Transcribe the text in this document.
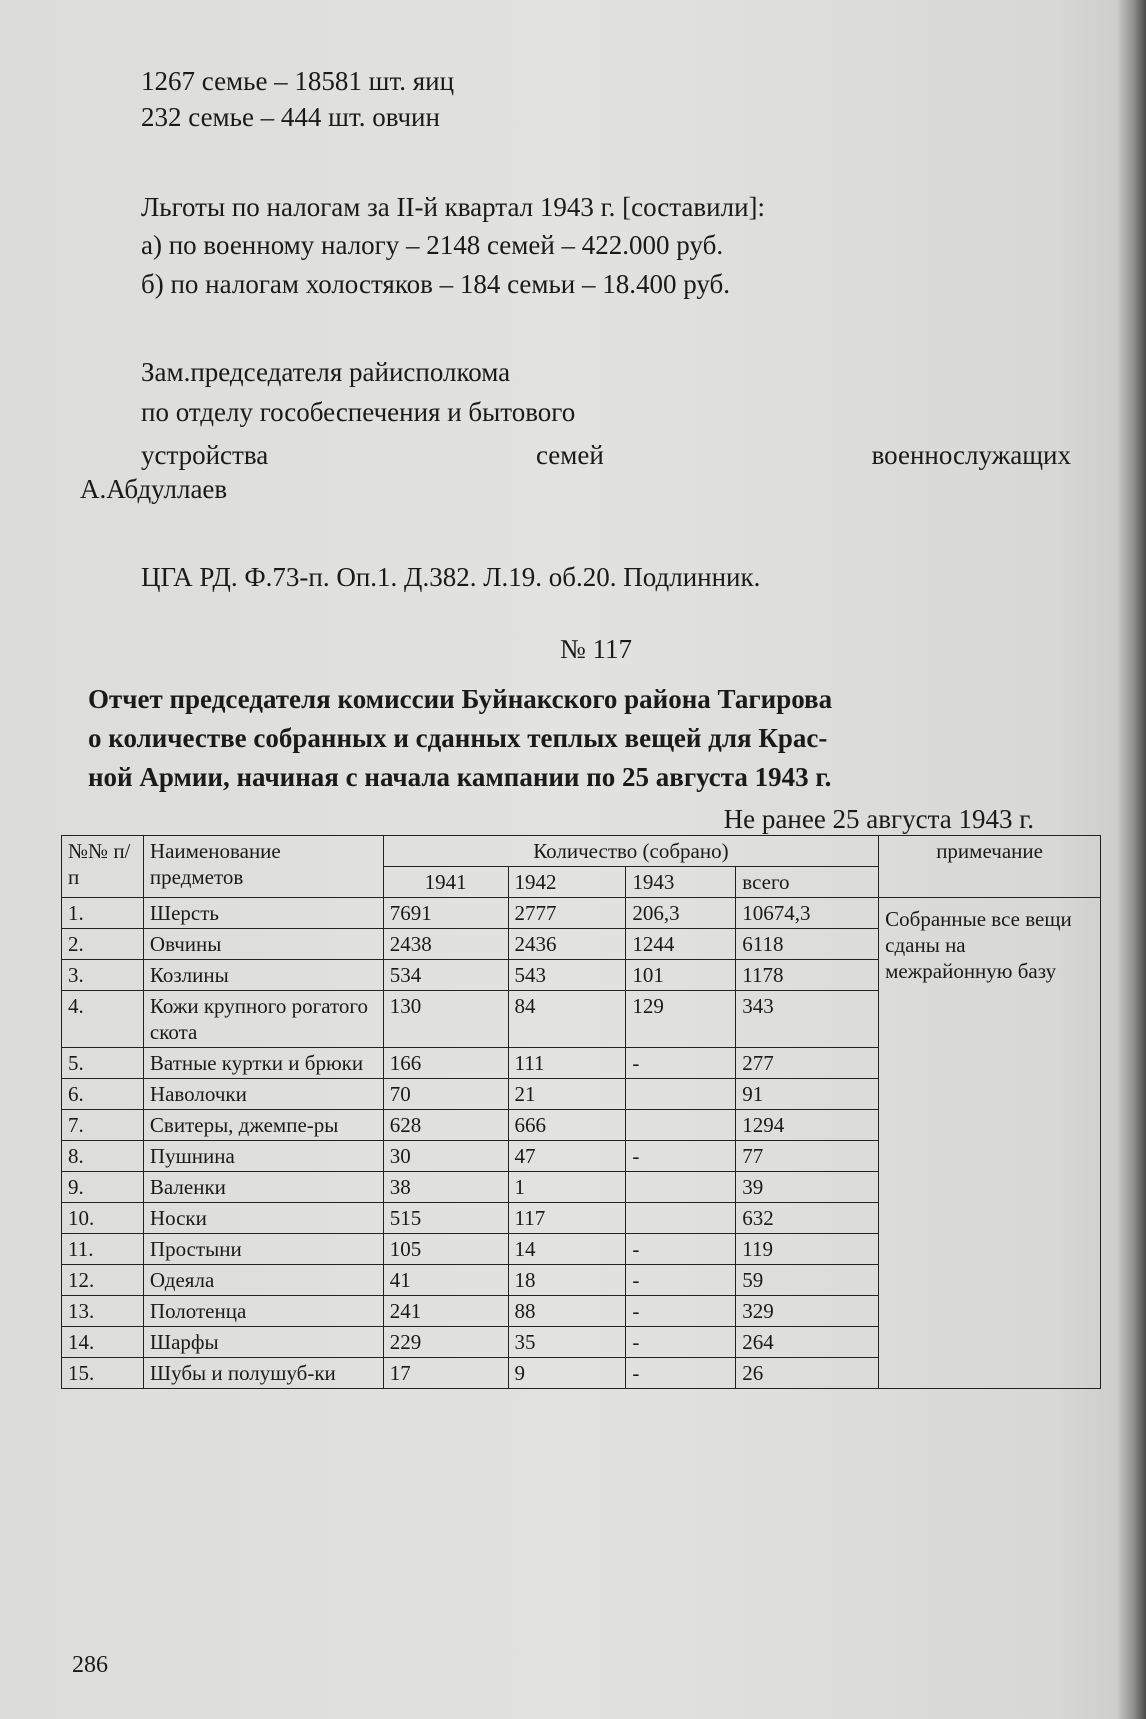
1267 семье – 18581 шт. яиц
232 семье – 444 шт. овчин
Льготы по налогам за II-й квартал 1943 г. [составили]:
а) по военному налогу – 2148 семей – 422.000 руб.
б) по налогам холостяков – 184 семьи – 18.400 руб.
Зам.председателя райисполкома
по отделу гособеспечения и бытового
устройства	семей	военнослужащих
А.Абдуллаев
ЦГА РД. Ф.73-п. Оп.1. Д.382. Л.19. об.20. Подлинник.
№ 117
Отчет председателя комиссии Буйнакского района Тагирова
о количестве собранных и сданных теплых вещей для Крас-
ной Армии, начиная с начала кампании по 25 августа 1943 г.
Не ранее 25 августа 1943 г.
№№ п/п	Наименование предметов	Количество (собрано)				примечание
		1941	1942	1943	всего	
1.	Шерсть	7691	2777	206,3	10674,3	Собранные все вещи сданы на межрайонную базу
2.	Овчины	2438	2436	1244	6118	
3.	Козлины	534	543	101	1178	
4.	Кожи крупного рогатого скота	130	84	129	343	
5.	Ватные куртки и брюки	166	111	-	277	
6.	Наволочки	70	21		91	
7.	Свитеры, джемпе-ры	628	666		1294	
8.	Пушнина	30	47	-	77	
9.	Валенки	38	1		39	
10.	Носки	515	117		632	
11.	Простыни	105	14	-	119	
12.	Одеяла	41	18	-	59	
13.	Полотенца	241	88	-	329	
14.	Шарфы	229	35	-	264	
15.	Шубы и полушуб-ки	17	9	-	26	
286
